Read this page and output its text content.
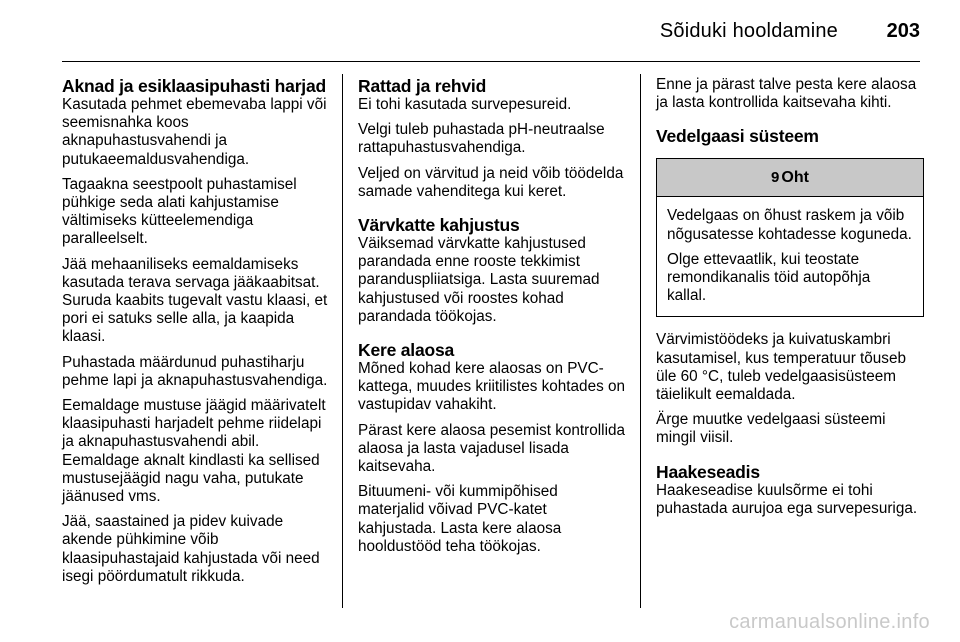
Sõiduki hooldamine 203
Aknad ja esiklaasipuhasti harjad

Kasutada pehmet ebemevaba lappi või seemisnahka koos aknapuhastusvahendi ja putukaeemaldusvahendiga.

Tagaakna seestpoolt puhastamisel pühkige seda alati kahjustamise vältimiseks kütteelemendiga paralleelselt.

Jää mehaaniliseks eemaldamiseks kasutada terava servaga jääkaabitsat. Suruda kaabits tugevalt vastu klaasi, et pori ei satuks selle alla, ja kaapida klaasi.

Puhastada määrdunud puhastiharju pehme lapi ja aknapuhastusvahendiga.

Eemaldage mustuse jäägid määrivatelt klaasipuhasti harjadelt pehme riidelapi ja aknapuhastusvahendi abil. Eemaldage aknalt kindlasti ka sellised mustusejäägid nagu vaha, putukate jäänused vms.

Jää, saastained ja pidev kuivade akende pühkimine võib klaasipuhastajaid kahjustada või need isegi pöördumatult rikkuda.

Rattad ja rehvid

Ei tohi kasutada survepesureid.

Velgi tuleb puhastada pH-neutraalse rattapuhastusvahendiga.

Veljed on värvitud ja neid võib töödelda samade vahenditega kui keret.

Värvkatte kahjustus

Väiksemad värvkatte kahjustused parandada enne rooste tekkimist paranduspliiatsiga. Lasta suuremad kahjustused või roostes kohad parandada töökojas.

Kere alaosa

Mõned kohad kere alaosas on PVC-kattega, muudes kriitilistes kohtades on vastupidav vahakiht.

Pärast kere alaosa pesemist kontrollida alaosa ja lasta vajadusel lisada kaitsevaha.

Bituumeni- või kummipõhised materjalid võivad PVC-katet kahjustada. Lasta kere alaosa hooldustööd teha töökojas.

Enne ja pärast talve pesta kere alaosa ja lasta kontrollida kaitsevaha kihti.

Vedelgaasi süsteem
9 Oht

Vedelgaas on õhust raskem ja võib nõgusatesse kohtadesse koguneda.

Olge ettevaatlik, kui teostate remondikanalis töid autopõhja kallal.

Värvimistöödeks ja kuivatuskambri kasutamisel, kus temperatuur tõuseb üle 60 °C, tuleb vedelgaasisüsteem täielikult eemaldada.

Ärge muutke vedelgaasi süsteemi mingil viisil.

Haakeseadis

Haakeseadise kuulsõrme ei tohi puhastada aurujoa ega survepesuriga.

carmanualsonline.info
